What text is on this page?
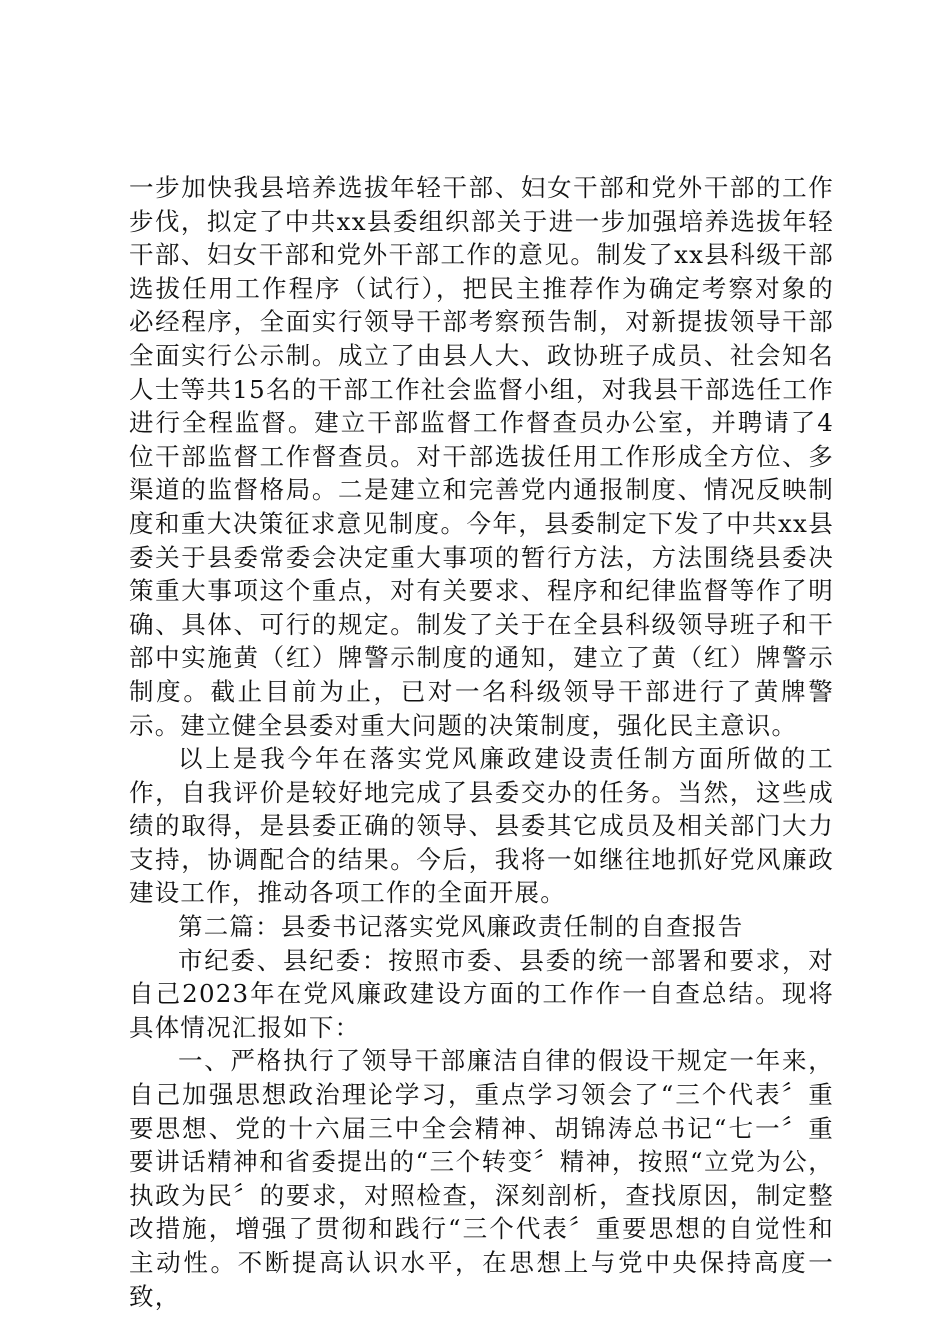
一步加快我县培养选拔年轻干部、妇女干部和党外干部的工作步伐，拟定了中共xx县委组织部关于进一步加强培养选拔年轻干部、妇女干部和党外干部工作的意见。制发了xx县科级干部选拔任用工作程序（试行），把民主推荐作为确定考察对象的必经程序，全面实行领导干部考察预告制，对新提拔领导干部全面实行公示制。成立了由县人大、政协班子成员、社会知名人士等共15名的干部工作社会监督小组，对我县干部选任工作进行全程监督。建立干部监督工作督查员办公室，并聘请了4位干部监督工作督查员。对干部选拔任用工作形成全方位、多渠道的监督格局。二是建立和完善党内通报制度、情况反映制度和重大决策征求意见制度。今年，县委制定下发了中共xx县委关于县委常委会决定重大事项的暂行方法，方法围绕县委决策重大事项这个重点，对有关要求、程序和纪律监督等作了明确、具体、可行的规定。制发了关于在全县科级领导班子和干部中实施黄（红）牌警示制度的通知，建立了黄（红）牌警示制度。截止目前为止，已对一名科级领导干部进行了黄牌警示。建立健全县委对重大问题的决策制度，强化民主意识。

以上是我今年在落实党风廉政建设责任制方面所做的工作，自我评价是较好地完成了县委交办的任务。当然，这些成绩的取得，是县委正确的领导、县委其它成员及相关部门大力支持，协调配合的结果。今后，我将一如继往地抓好党风廉政建设工作，推动各项工作的全面开展。

第二篇：县委书记落实党风廉政责任制的自查报告

市纪委、县纪委：按照市委、县委的统一部署和要求，对自己2023年在党风廉政建设方面的工作作一自查总结。现将具体情况汇报如下：

一、严格执行了领导干部廉洁自律的假设干规定一年来，自己加强思想政治理论学习，重点学习领会了“三个代表〞重要思想、党的十六届三中全会精神、胡锦涛总书记“七一〞重要讲话精神和省委提出的“三个转变〞精神，按照“立党为公，执政为民〞的要求，对照检查，深刻剖析，查找原因，制定整改措施，增强了贯彻和践行“三个代表〞重要思想的自觉性和主动性。不断提高认识水平，在思想上与党中央保持高度一致，
